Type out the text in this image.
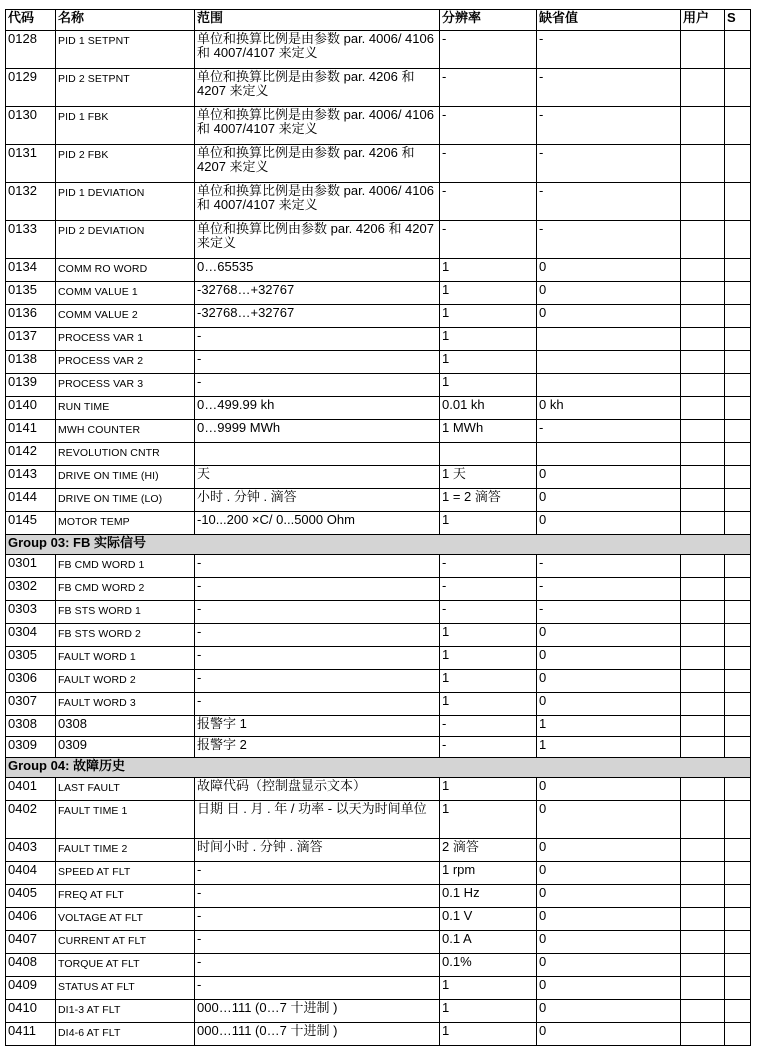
代码	名称	范围	分辨率	缺省值	用户	S
0128	PID 1 SETPNT	单位和换算比例是由参数 par. 4006/ 4106 和 4007/4107 来定义	-	-		
0129	PID 2 SETPNT	单位和换算比例是由参数 par. 4206 和 4207 来定义	-	-		
0130	PID 1 FBK	单位和换算比例是由参数 par. 4006/ 4106 和 4007/4107 来定义	-	-		
0131	PID 2 FBK	单位和换算比例是由参数 par. 4206 和 4207 来定义	-	-		
0132	PID 1 DEVIATION	单位和换算比例是由参数 par. 4006/ 4106 和 4007/4107 来定义	-	-		
0133	PID 2 DEVIATION	单位和换算比例由参数 par. 4206 和 4207 来定义	-	-		
0134	COMM RO WORD	0…65535	1	0		
0135	COMM VALUE 1	-32768…+32767	1	0		
0136	COMM VALUE 2	-32768…+32767	1	0		
0137	PROCESS VAR 1	-	1			
0138	PROCESS VAR 2	-	1			
0139	PROCESS VAR 3	-	1			
0140	RUN TIME	0…499.99 kh	0.01 kh	0 kh		
0141	MWH COUNTER	0…9999 MWh	1 MWh	-		
0142	REVOLUTION CNTR					
0143	DRIVE ON TIME (HI)	天	1 天	0		
0144	DRIVE ON TIME (LO)	小时 . 分钟 . 滴答	1 = 2 滴答	0		
0145	MOTOR TEMP	-10...200 ×C/ 0...5000 Ohm	1	0		
Group 03: FB 实际信号						
0301	FB CMD WORD 1	-	-	-		
0302	FB CMD WORD 2	-	-	-		
0303	FB STS WORD 1	-	-	-		
0304	FB STS WORD 2	-	1	0		
0305	FAULT WORD 1	-	1	0		
0306	FAULT WORD 2	-	1	0		
0307	FAULT WORD 3	-	1	0		
0308	0308	报警字 1	-	1		
0309	0309	报警字 2	-	1		
Group 04: 故障历史						
0401	LAST FAULT	故障代码（控制盘显示文本）	1	0		
0402	FAULT TIME 1	日期 日 . 月 . 年 / 功率 - 以天为时间单位	1	0		
0403	FAULT TIME 2	时间小时 . 分钟 . 滴答	2 滴答	0		
0404	SPEED AT FLT	-	1 rpm	0		
0405	FREQ AT FLT	-	0.1 Hz	0		
0406	VOLTAGE AT FLT	-	0.1 V	0		
0407	CURRENT AT FLT	-	0.1 A	0		
0408	TORQUE AT FLT	-	0.1%	0		
0409	STATUS AT FLT	-	1	0		
0410	DI1-3 AT FLT	000…111 (0…7 十进制 )	1	0		
0411	DI4-6 AT FLT	000…111 (0…7 十进制 )	1	0		
